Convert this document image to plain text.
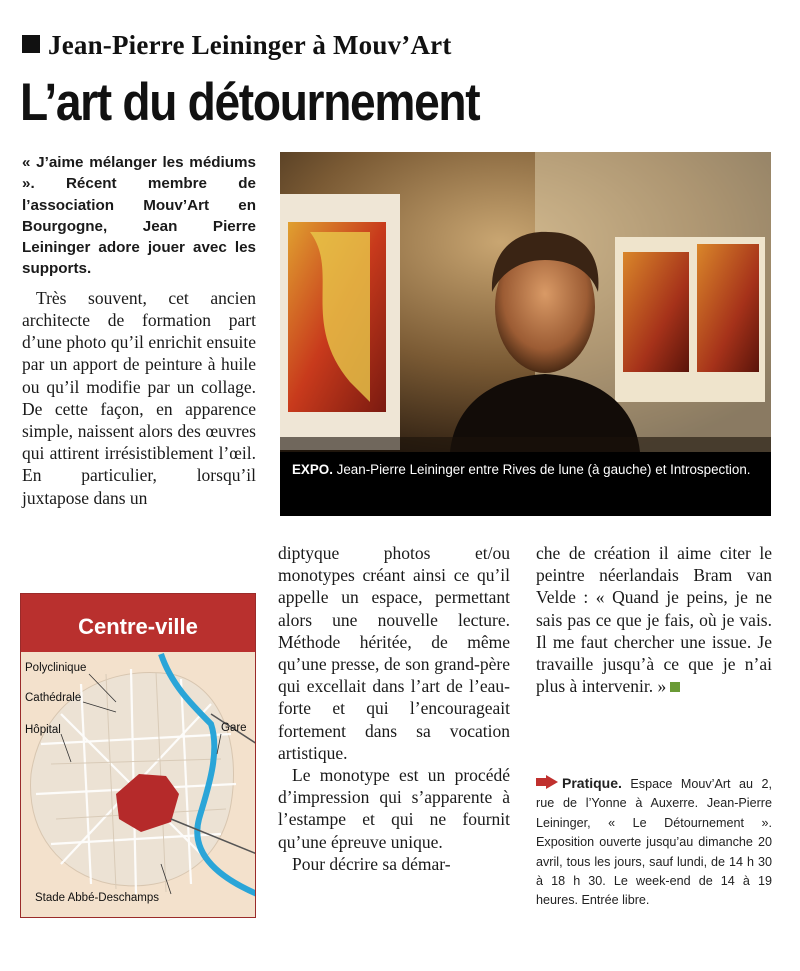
Jean-Pierre Leininger à Mouv’Art
L’art du détournement

« J’aime mélanger les médiums ». Récent membre de l’association Mouv’Art en Bourgogne, Jean Pierre Leininger adore jouer avec les supports.

Très souvent, cet ancien architecte de formation part d’une photo qu’il enrichit ensuite par un apport de peinture à huile ou qu’il modifie par un collage. De cette façon, en apparence simple, naissent alors des œuvres qui attirent irrésistiblement l’œil. En particulier, lorsqu’il juxtapose dans un

EXPO. Jean-Pierre Leininger entre Rives de lune (à gauche) et Introspection.
Centre-ville
Polyclinique
Cathédrale
Hôpital	Gare
Stade Abbé-Deschamps

diptyque photos et/ou monotypes créant ainsi ce qu’il appelle un espace, permettant alors une nouvelle lecture. Méthode héritée, de même qu’une presse, de son grand-père qui excellait dans l’art de l’eau-forte et qui l’encourageait fortement dans sa vocation artistique.

Le monotype est un procédé d’impression qui s’apparente à l’estampe et qui ne fournit qu’une épreuve unique.

Pour décrire sa démar-

che de création il aime citer le peintre néerlandais Bram van Velde : « Quand je peins, je ne sais pas ce que je fais, où je vais. Il me faut chercher une issue. Je travaille jusqu’à ce que je n’ai plus à intervenir. »

Pratique. Espace Mouv’Art au 2, rue de l’Yonne à Auxerre. Jean-Pierre Leininger, « Le Détournement ». Exposition ouverte jusqu’au dimanche 20 avril, tous les jours, sauf lundi, de 14 h 30 à 18 h 30. Le week-end de 14 à 19 heures. Entrée libre.
